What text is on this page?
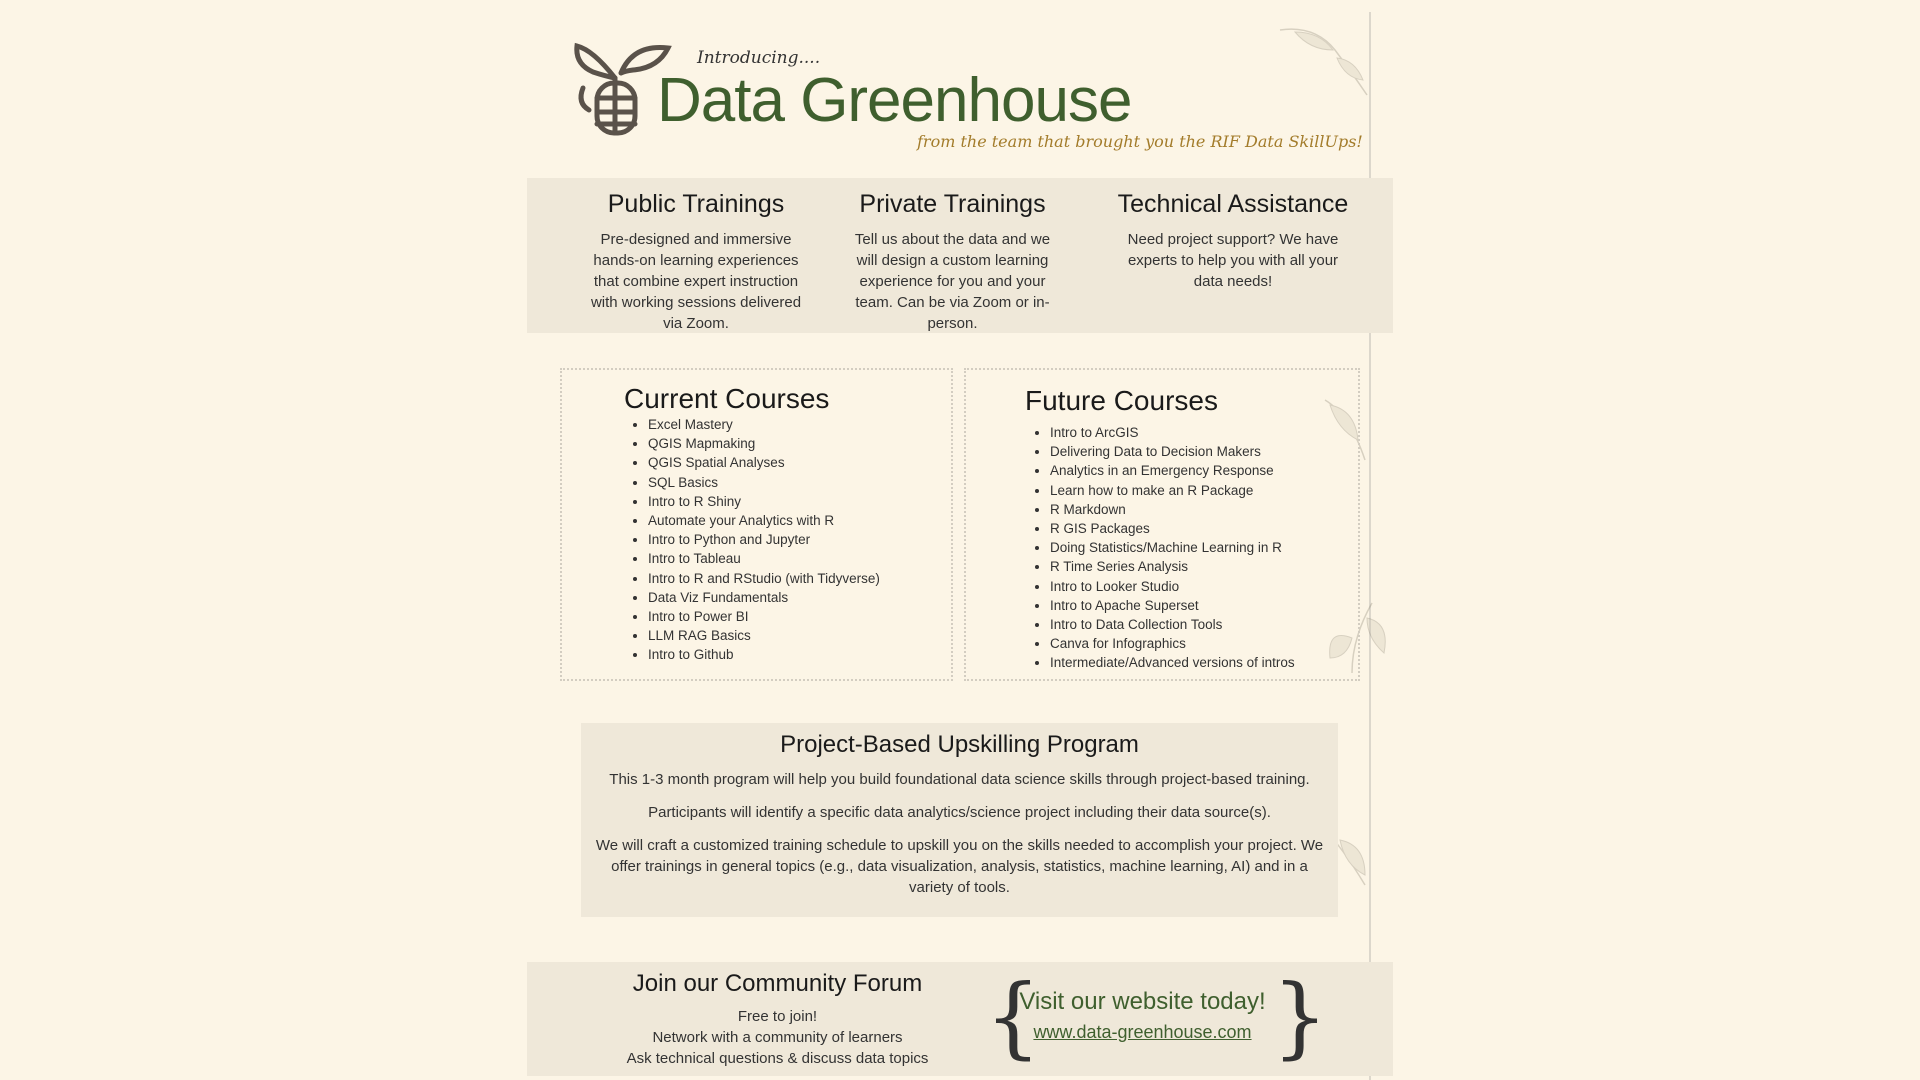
Introducing....
Data Greenhouse
from the team that brought you the RIF Data SkillUps!
Public Trainings

Pre-designed and immersive hands-on learning experiences that combine expert instruction with working sessions delivered via Zoom.

Private Trainings

Tell us about the data and we will design a custom learning experience for you and your team. Can be via Zoom or in-person.

Technical Assistance

Need project support? We have experts to help you with all your data needs!

Current Courses
• Excel Mastery
• QGIS Mapmaking
• QGIS Spatial Analyses
• SQL Basics
• Intro to R Shiny
• Automate your Analytics with R
• Intro to Python and Jupyter
• Intro to Tableau
• Intro to R and RStudio (with Tidyverse)
• Data Viz Fundamentals
• Intro to Power BI
• LLM RAG Basics
• Intro to Github
Future Courses
• Intro to ArcGIS
• Delivering Data to Decision Makers
• Analytics in an Emergency Response
• Learn how to make an R Package
• R Markdown
• R GIS Packages
• Doing Statistics/Machine Learning in R
• R Time Series Analysis
• Intro to Looker Studio
• Intro to Apache Superset
• Intro to Data Collection Tools
• Canva for Infographics
• Intermediate/Advanced versions of intros
Project-Based Upskilling Program

This 1-3 month program will help you build foundational data science skills through project-based training.

Participants will identify a specific data analytics/science project including their data source(s).

We will craft a customized training schedule to upskill you on the skills needed to accomplish your project. We offer trainings in general topics (e.g., data visualization, analysis, statistics, machine learning, AI) and in a variety of tools.

Join our Community Forum

Free to join!

Network with a community of learners

Ask technical questions & discuss data topics {	}
Visit our website today!
www.data-greenhouse.com
